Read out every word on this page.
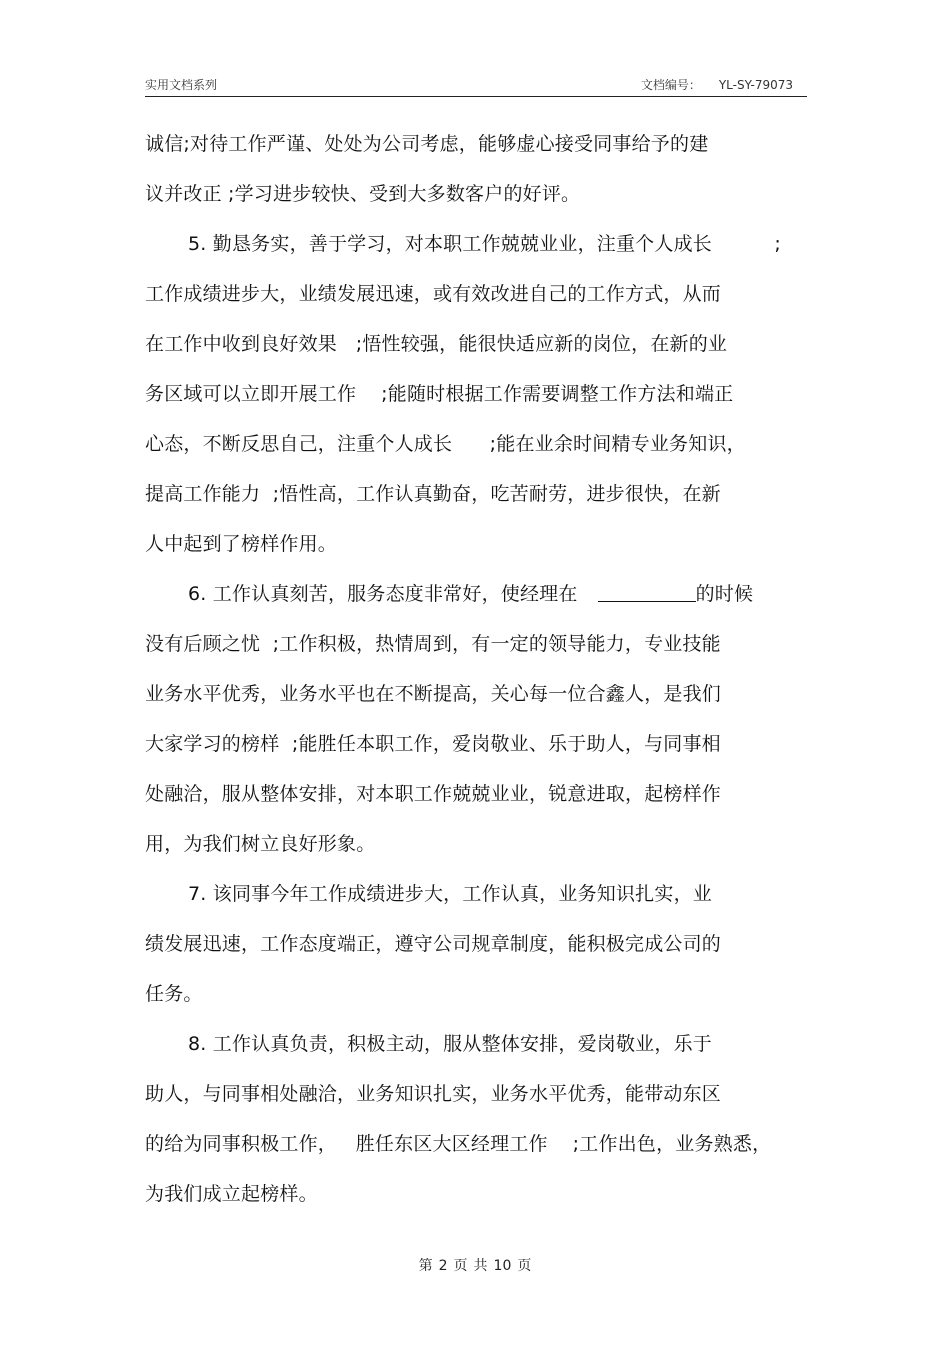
实用文档系列	文档编号： YL-SY-79073
诚信;对待工作严谨、处处为公司考虑，能够虚心接受同事给予的建
议并改正 ;学习进步较快、受到大多数客户的好评。
5. 勤恳务实，善于学习，对本职工作兢兢业业，注重个人成长          ;
工作成绩进步大，业绩发展迅速，或有效改进自己的工作方式，从而
在工作中收到良好效果   ;悟性较强，能很快适应新的岗位，在新的业
务区域可以立即开展工作    ;能随时根据工作需要调整工作方法和端正
心态，不断反思自己，注重个人成长      ;能在业余时间精专业务知识，
提高工作能力  ;悟性高，工作认真勤奋，吃苦耐劳，进步很快，在新
人中起到了榜样作用。
6. 工作认真刻苦，服务态度非常好，使经理在	的时候
没有后顾之忧  ;工作积极，热情周到，有一定的领导能力，专业技能
业务水平优秀，业务水平也在不断提高，关心每一位合鑫人，是我们
大家学习的榜样  ;能胜任本职工作，爱岗敬业、乐于助人，与同事相
处融洽，服从整体安排，对本职工作兢兢业业，锐意进取，起榜样作
用，为我们树立良好形象。
7. 该同事今年工作成绩进步大，工作认真，业务知识扎实，业
绩发展迅速，工作态度端正，遵守公司规章制度，能积极完成公司的
任务。
8. 工作认真负责，积极主动，服从整体安排，爱岗敬业，乐于
助人，与同事相处融洽，业务知识扎实，业务水平优秀，能带动东区
的给为同事积极工作，   胜任东区大区经理工作    ;工作出色，业务熟悉，
为我们成立起榜样。
第 2 页 共 10 页
